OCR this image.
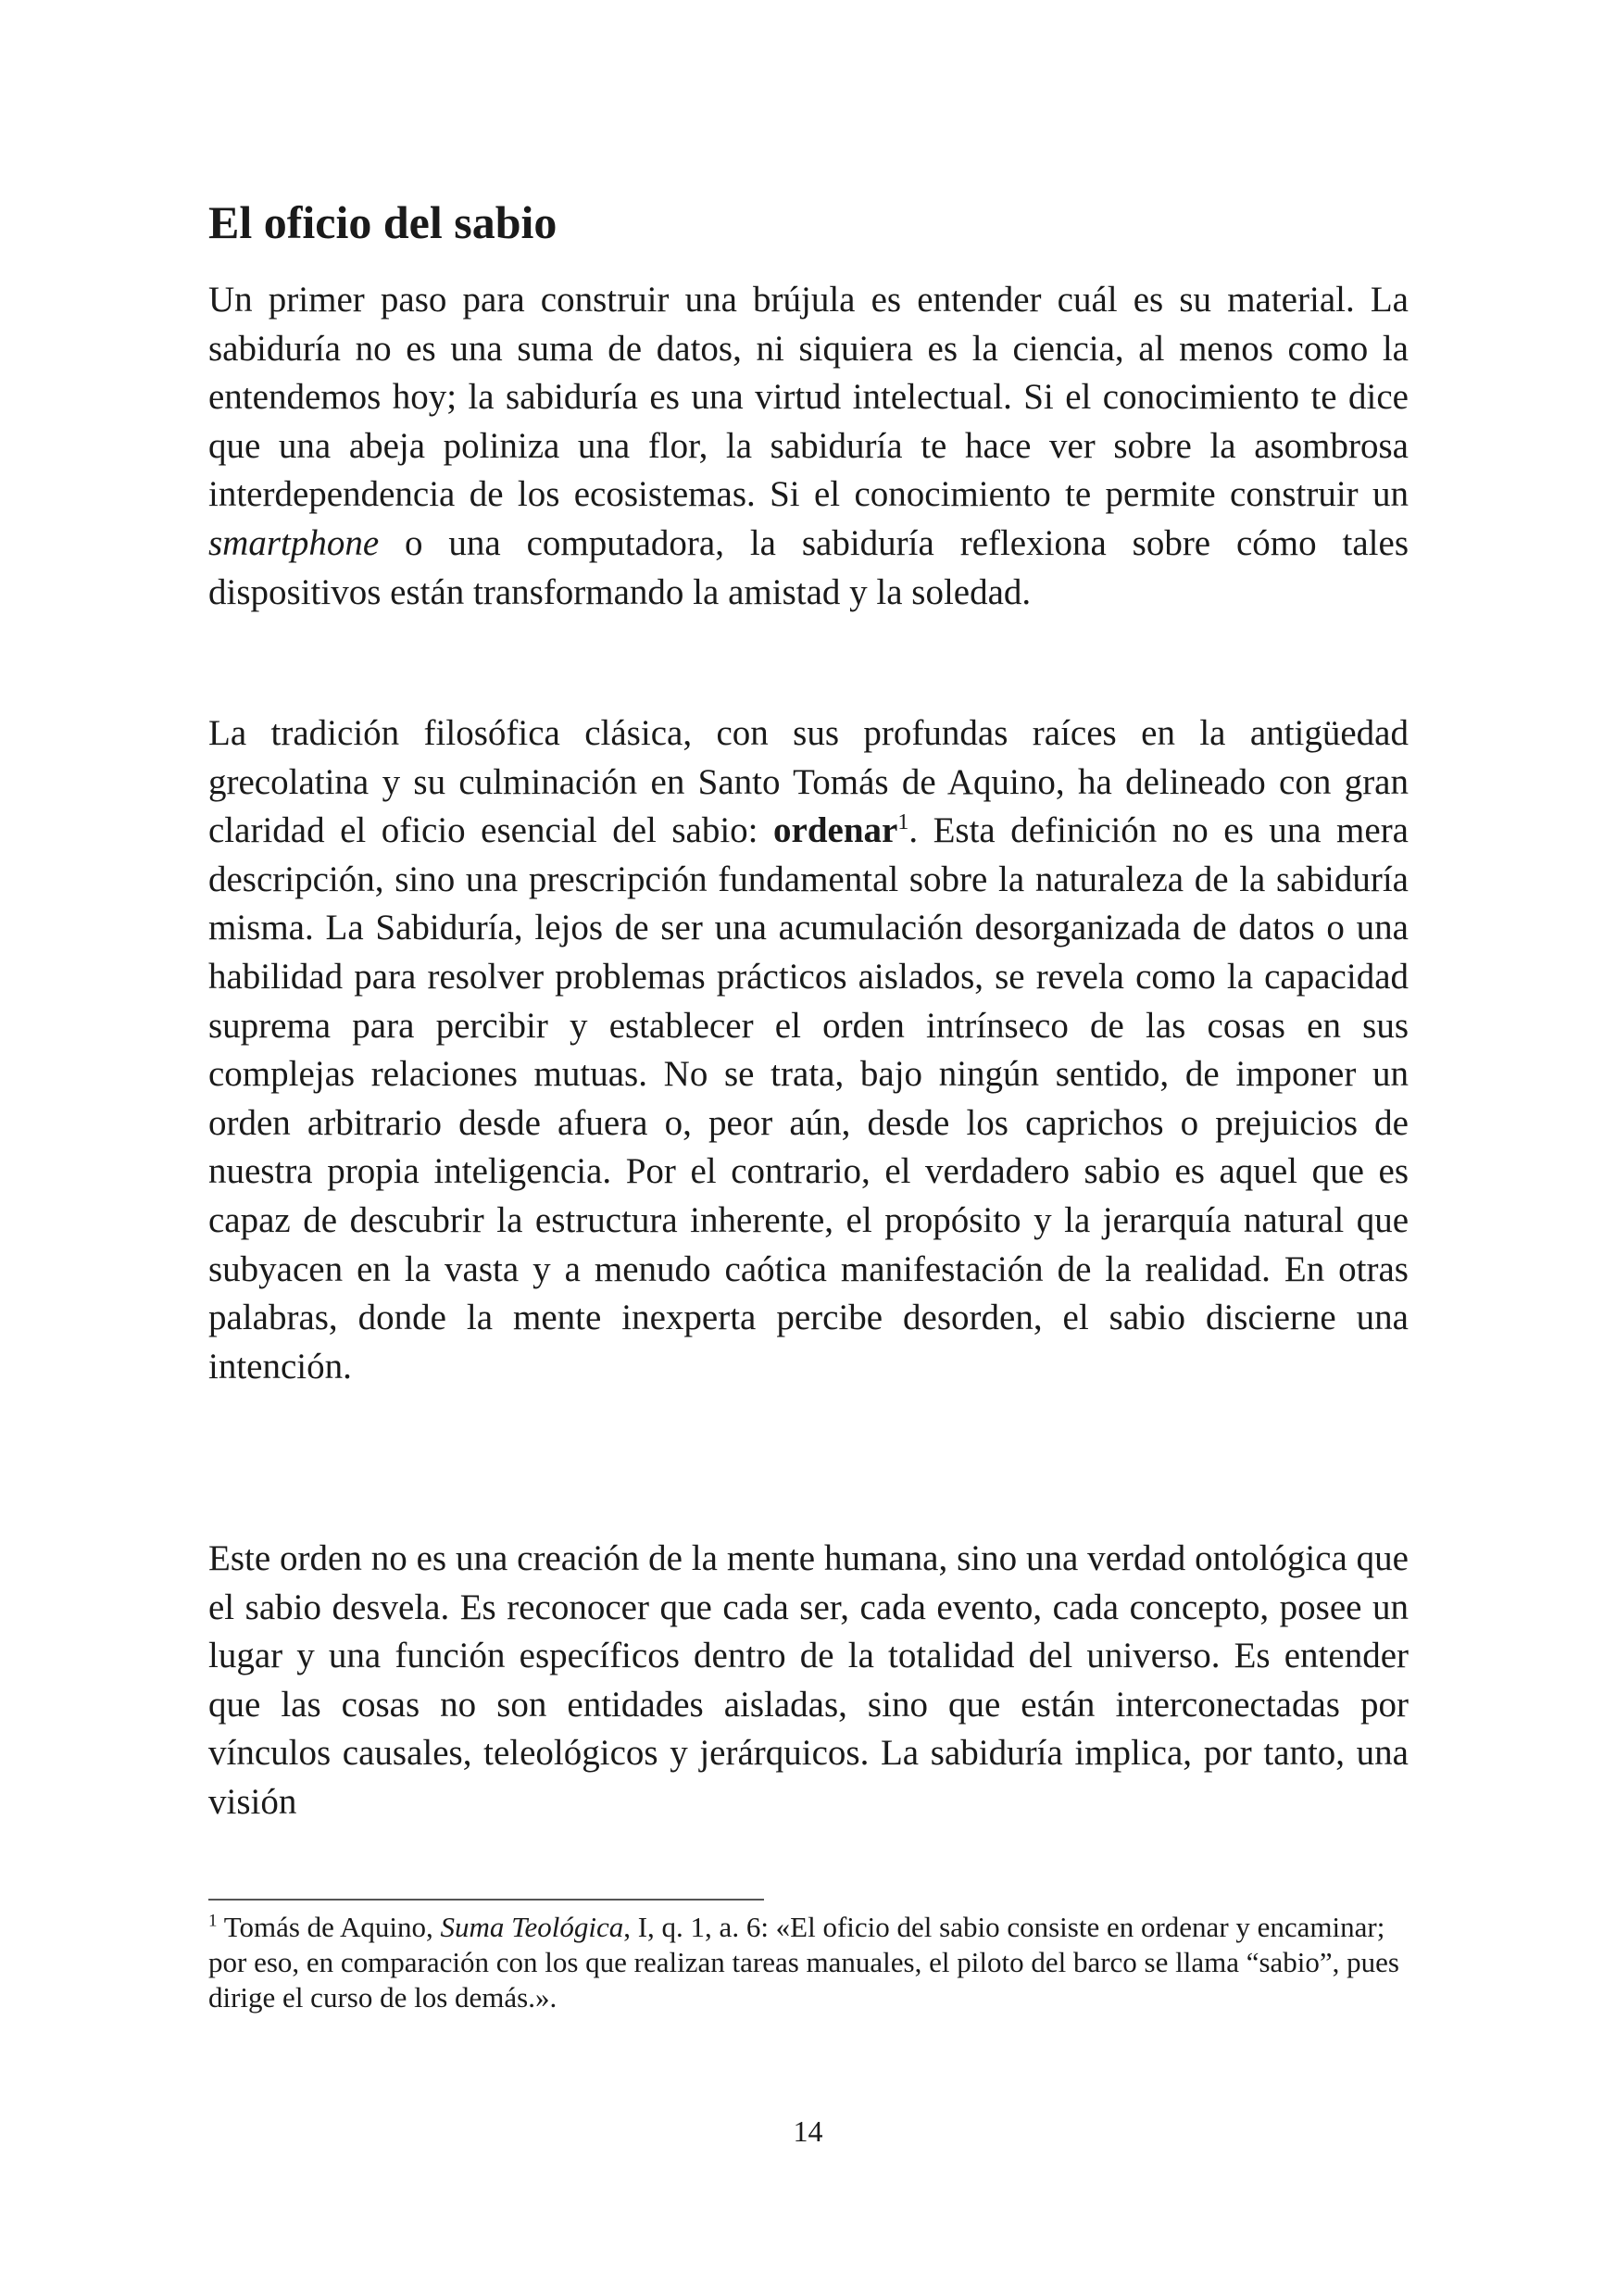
El oficio del sabio

Un primer paso para construir una brújula es entender cuál es su material. La sabiduría no es una suma de datos, ni siquiera es la ciencia, al menos como la entendemos hoy; la sabiduría es una virtud intelectual. Si el conocimiento te dice que una abeja poliniza una flor, la sabiduría te hace ver sobre la asombrosa interdependencia de los ecosistemas. Si el conocimiento te permite construir un smartphone o una computadora, la sabiduría reflexiona sobre cómo tales dispositivos están transformando la amistad y la soledad.

La tradición filosófica clásica, con sus profundas raíces en la antigüedad grecolatina y su culminación en Santo Tomás de Aquino, ha delineado con gran claridad el oficio esencial del sabio: ordenar$^1$. Esta definición no es una mera descripción, sino una prescripción fundamental sobre la naturaleza de la sabiduría misma. La Sabiduría, lejos de ser una acumulación desorganizada de datos o una habilidad para resolver problemas prácticos aislados, se revela como la capacidad suprema para percibir y establecer el orden intrínseco de las cosas en sus complejas relaciones mutuas. No se trata, bajo ningún sentido, de imponer un orden arbitrario desde afuera o, peor aún, desde los caprichos o prejuicios de nuestra propia inteligencia. Por el contrario, el verdadero sabio es aquel que es capaz de descubrir la estructura inherente, el propósito y la jerarquía natural que subyacen en la vasta y a menudo caótica manifestación de la realidad. En otras palabras, donde la mente inexperta percibe desorden, el sabio discierne una intención.

Este orden no es una creación de la mente humana, sino una verdad ontológica que el sabio desvela. Es reconocer que cada ser, cada evento, cada concepto, posee un lugar y una función específicos dentro de la totalidad del universo. Es entender que las cosas no son entidades aisladas, sino que están interconectadas por vínculos causales, teleológicos y jerárquicos. La sabiduría implica, por tanto, una visión

$^1$ Tomás de Aquino, Suma Teológica, I, q. 1, a. 6: «El oficio del sabio consiste en ordenar y encaminar; por eso, en comparación con los que realizan tareas manuales, el piloto del barco se llama “sabio”, pues dirige el curso de los demás.».

14
